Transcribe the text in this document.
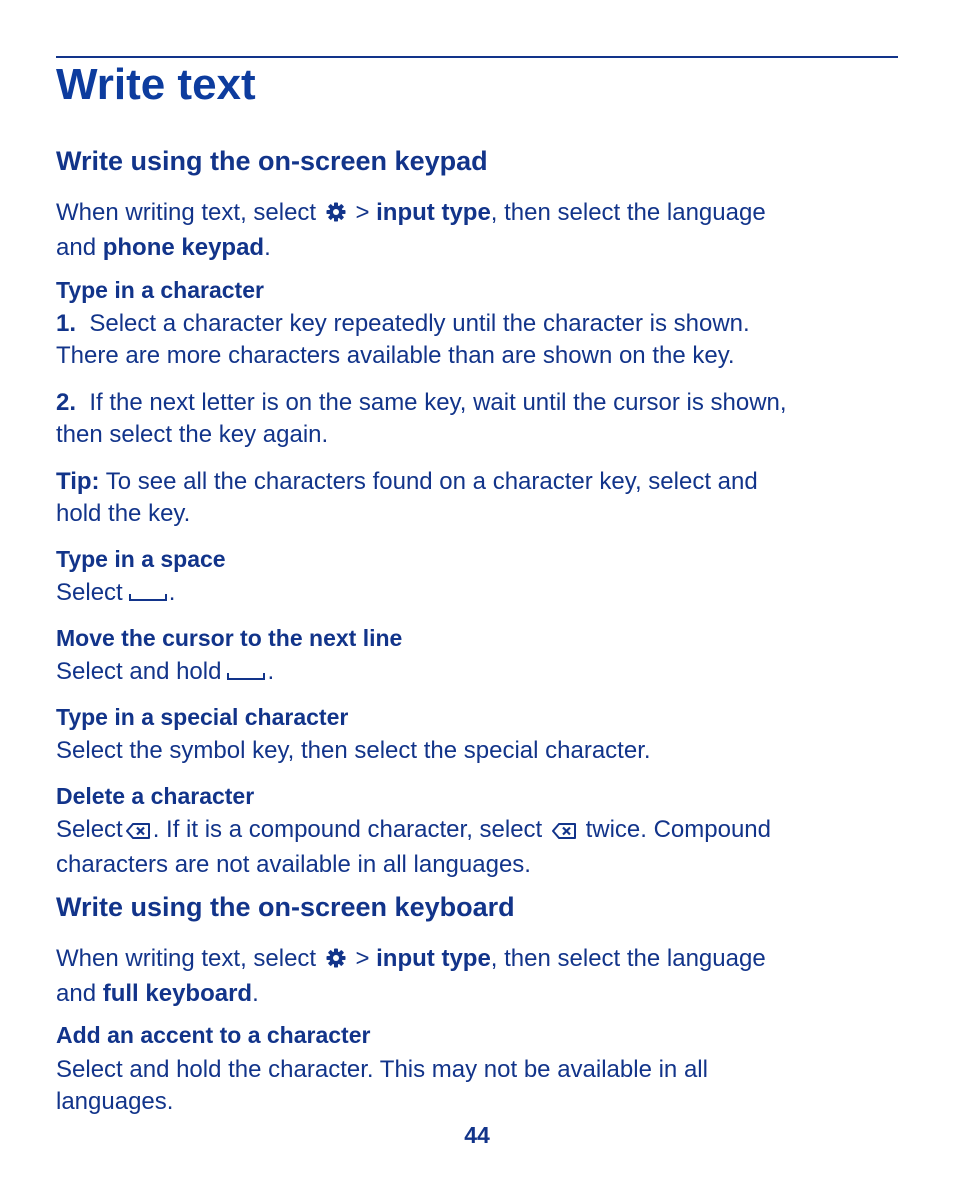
Write text
Write using the on-screen keypad

When writing text, select > input type, then select the language
and phone keypad.

Type in a character

1. Select a character key repeatedly until the character is shown.
There are more characters available than are shown on the key.

2. If the next letter is on the same key, wait until the cursor is shown,
then select the key again.

Tip: To see all the characters found on a character key, select and
hold the key.

Type in a space

Select .

Move the cursor to the next line

Select and hold .

Type in a special character

Select the symbol key, then select the special character.

Delete a character

Select . If it is a compound character, select twice. Compound
characters are not available in all languages.

Write using the on-screen keyboard

When writing text, select > input type, then select the language
and full keyboard.

Add an accent to a character

Select and hold the character. This may not be available in all
languages.

44
